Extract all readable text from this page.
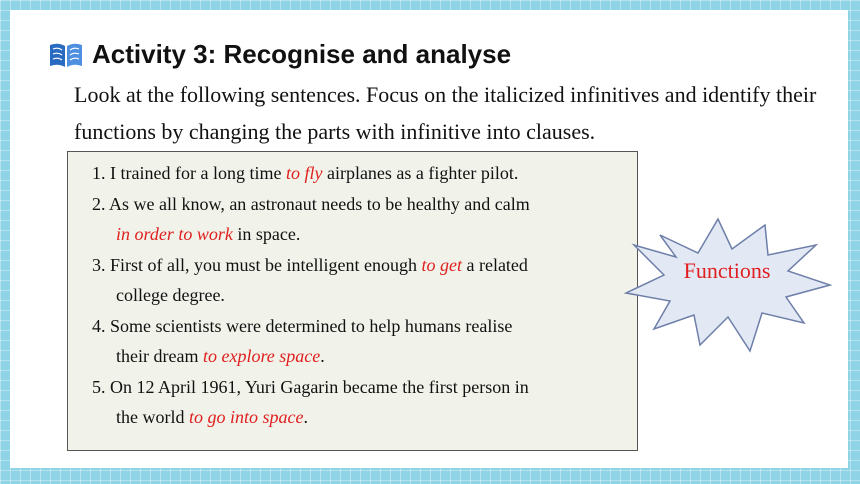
Activity 3: Recognise and analyse
Look at the following sentences. Focus on the italicized infinitives and identify their functions by changing the parts with infinitive into clauses.
1. I trained for a long time to fly airplanes as a fighter pilot.
2. As we all know, an astronaut needs to be healthy and calm
in order to work in space.
3. First of all, you must be intelligent enough to get a related
college degree.
4. Some scientists were determined to help humans realise
their dream to explore space.
5. On 12 April 1961, Yuri Gagarin became the first person in
the world to go into space.
Functions
